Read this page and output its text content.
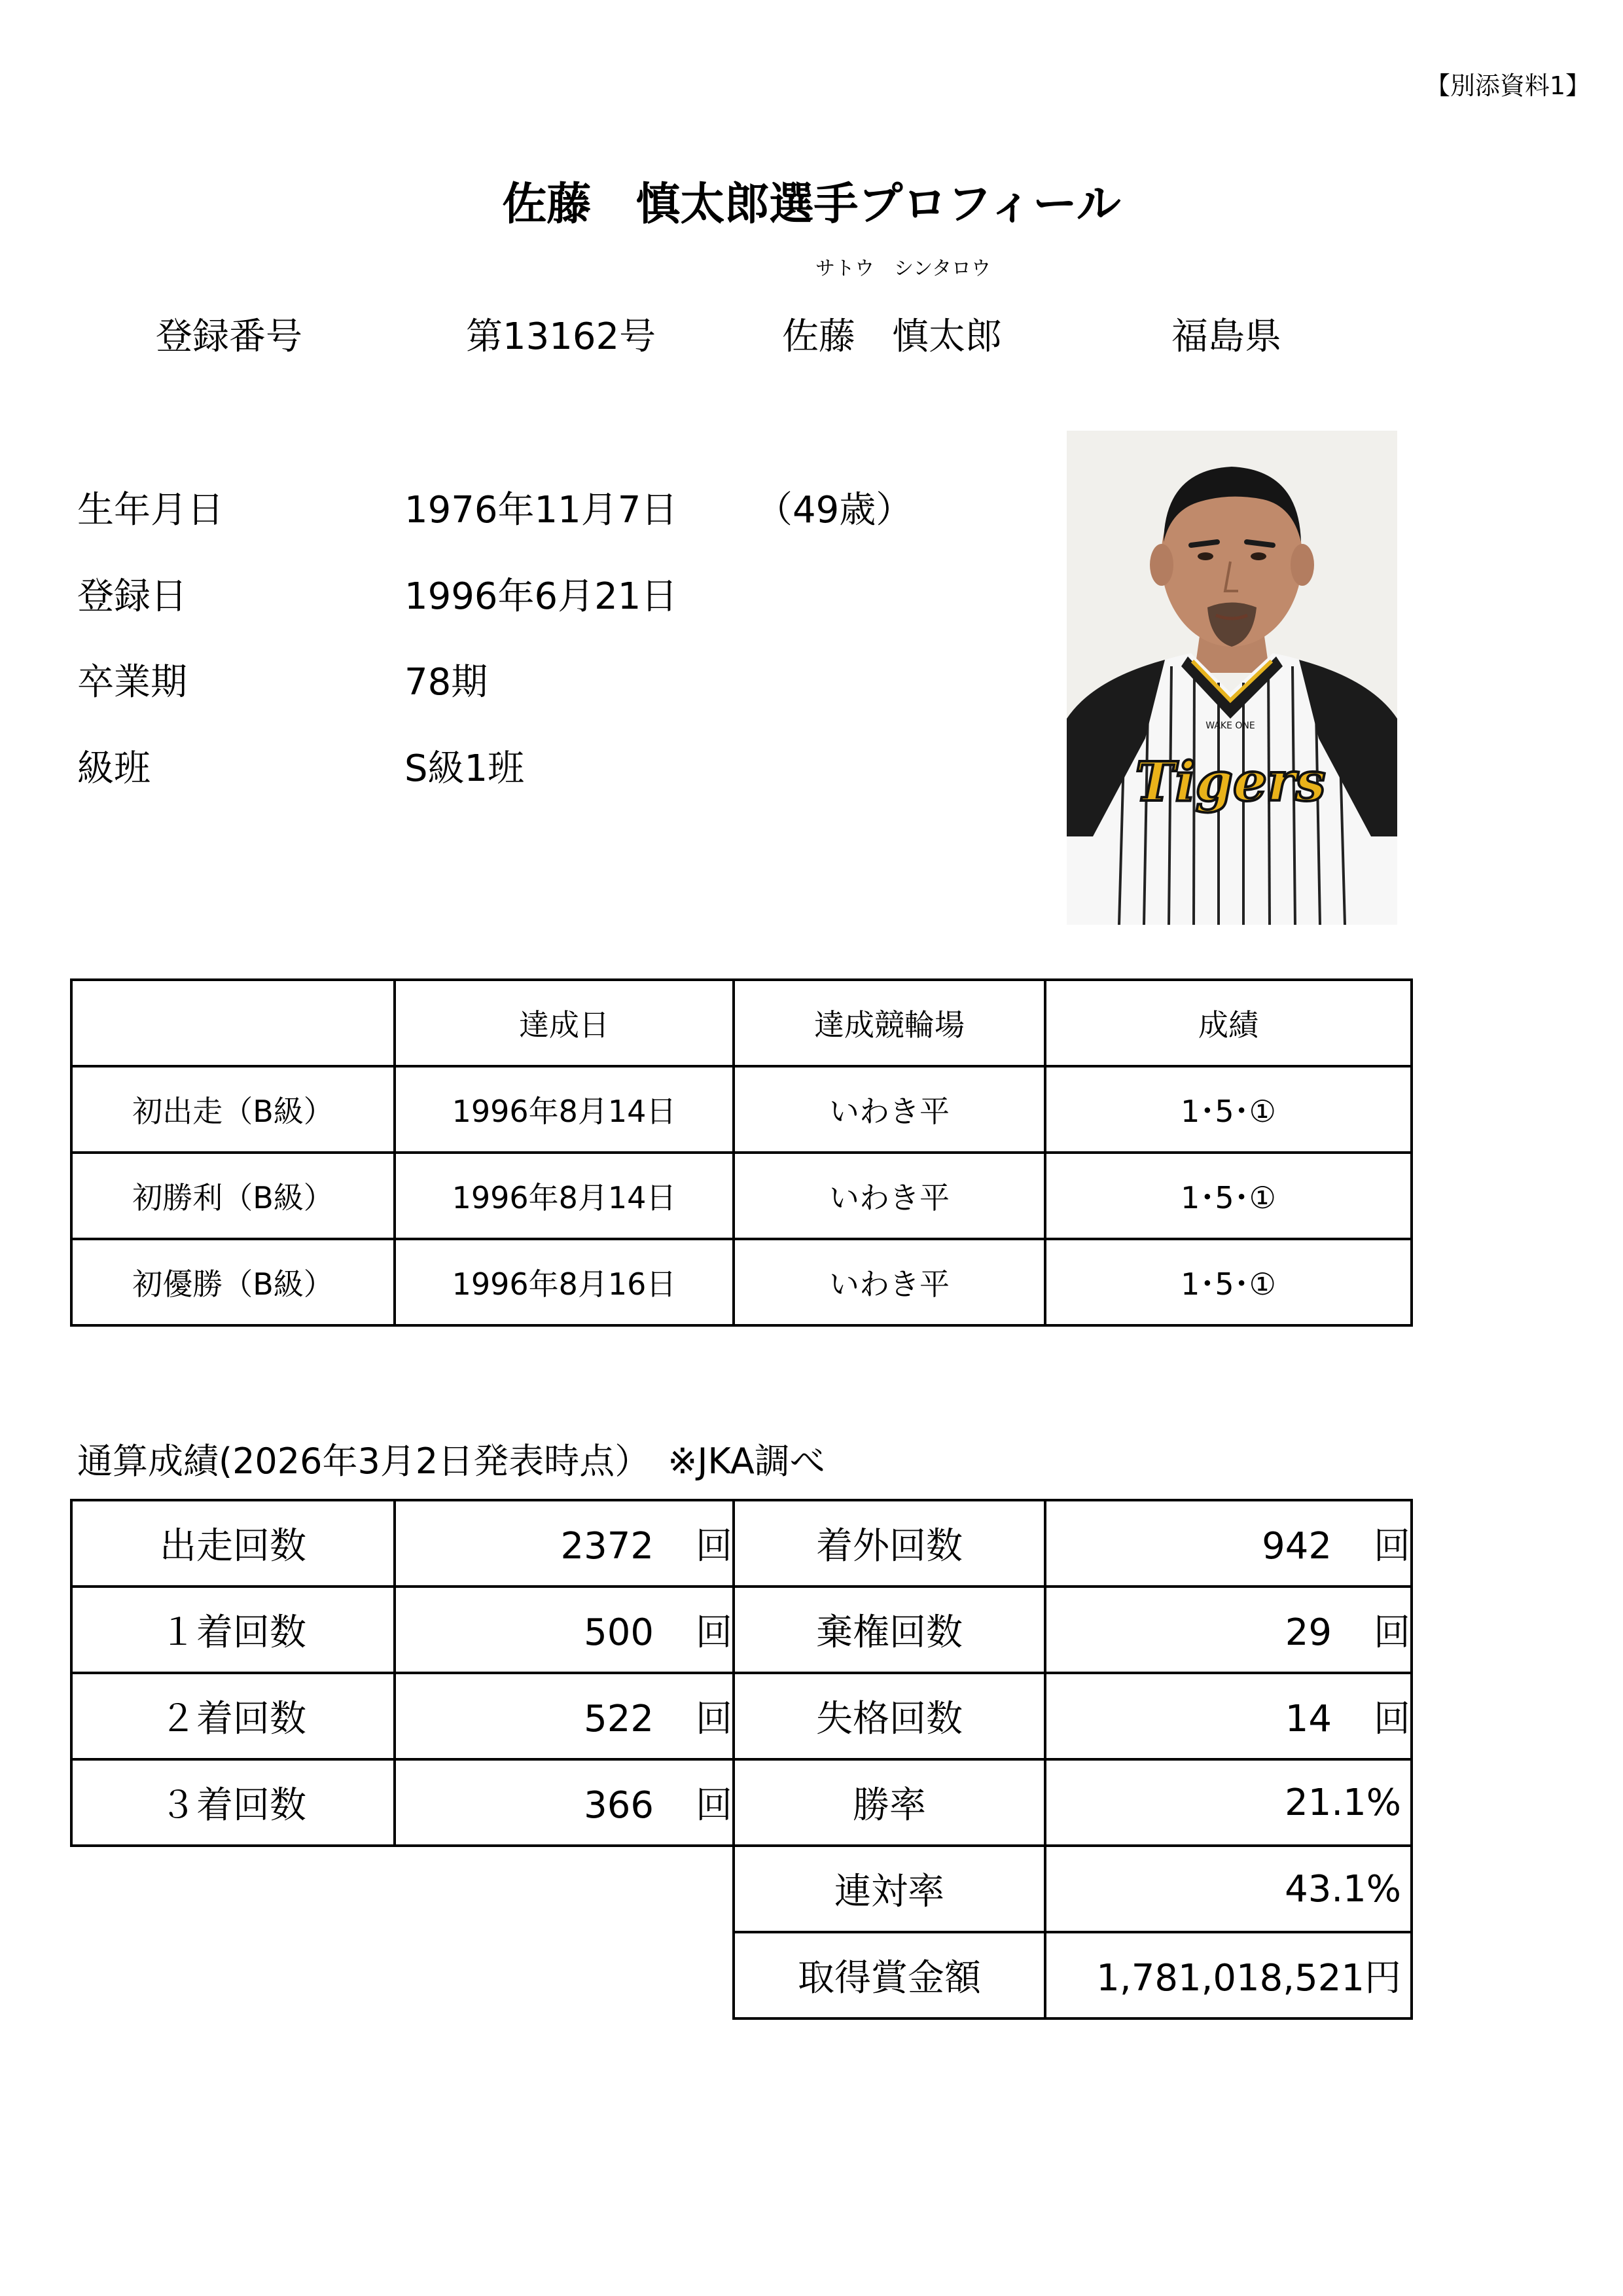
【別添資料1】
佐藤　慎太郎選手プロフィール
サトウ　シンタロウ
登録番号	第13162号	佐藤　慎太郎	福島県
生年月日	1976年11月7日 （49歳）
登録日	1996年6月21日
卒業期	78期
級班	S級1班	Tigers
WAKE ONE
	達成日	達成競輪場	成績
初出走（B級）	1996年8月14日	いわき平	1･5･①
初勝利（B級）	1996年8月14日	いわき平	1･5･①
初優勝（B級）	1996年8月16日	いわき平	1･5･①
通算成績(2026年3月2日発表時点）　※JKA調べ
出走回数	2372 回	着外回数	942 回
１着回数	500 回	棄権回数	29 回
２着回数	522 回	失格回数	14 回
３着回数	366 回	勝率	21.1%
		連対率	43.1%
		取得賞金額	1,781,018,521円
